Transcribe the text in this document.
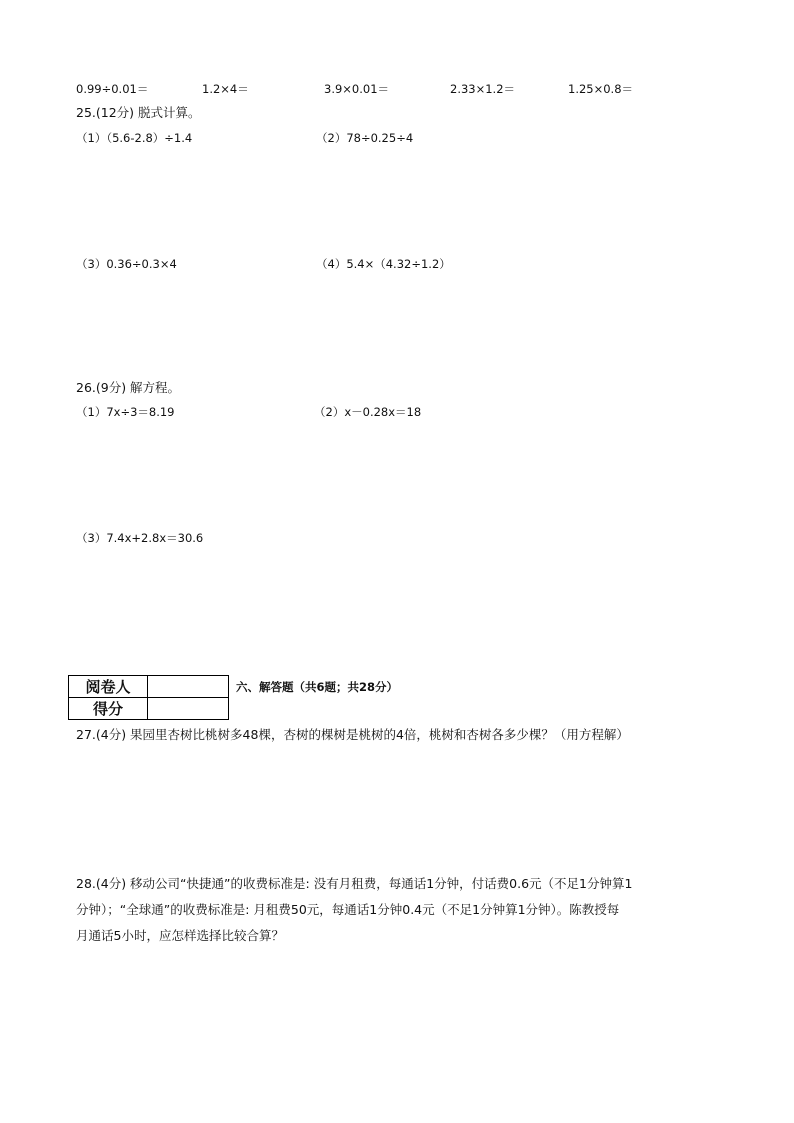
0.99÷0.01＝	1.2×4＝	3.9×0.01＝	2.33×1.2＝	1.25×0.8＝
25.(12分) 脱式计算。
（1）（5.6-2.8）÷1.4	（2）78÷0.25÷4
（3）0.36÷0.3×4	（4）5.4×（4.32÷1.2）
26.(9分) 解方程。
（1）7x÷3＝8.19	（2）x－0.28x＝18
（3）7.4x+2.8x＝30.6
阅卷人	
得分	
六、解答题（共6题；共28分）
27.(4分) 果园里杏树比桃树多48棵，杏树的棵树是桃树的4倍，桃树和杏树各多少棵？（用方程解）
28.(4分) 移动公司“快捷通”的收费标准是: 没有月租费，每通话1分钟，付话费0.6元（不足1分钟算1
分钟）；“全球通”的收费标准是: 月租费50元，每通话1分钟0.4元（不足1分钟算1分钟）。陈教授每
月通话5小时，应怎样选择比较合算？
